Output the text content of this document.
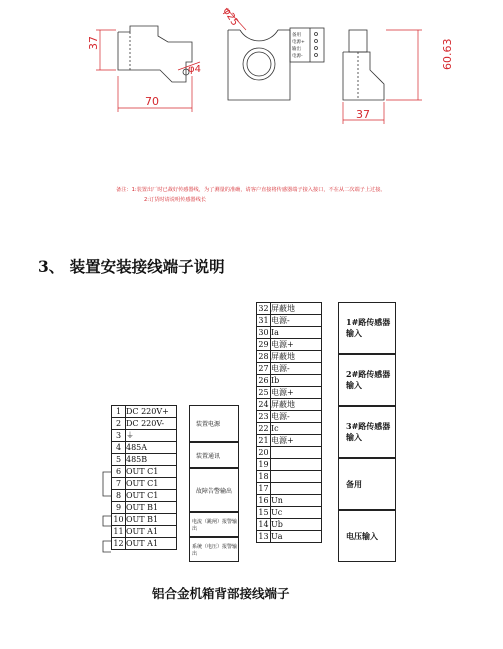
37
70
φ4
φ25
备用
电源+
输出
电源-	60.63
37
备注：1:装置出厂时已裁好传感器线，为了测量的准确，请客户直接将传感器端子接入接口，不在从二次端子上过接。
2:订货时请说明传感器线长
3、 装置安装接线端子说明
1	DC 220V+
2	DC 220V-
3	⏚
4	485A
5	485B
6	OUT C1
7	OUT C1
8	OUT C1
9	OUT B1
10	OUT B1
11	OUT A1
12	OUT A1
装置电源
装置通讯
故障告警输出
电流（跳闸）报警输出
系统（电压）报警输出
32	屏蔽地
31	电源-
30	Ia
29	电源+
28	屏蔽地
27	电源-
26	Ib
25	电源+
24	屏蔽地
23	电源-
22	Ic
21	电源+
20	
19	
18	
17	
16	Un
15	Uc
14	Ub
13	Ua
1#路传感器输入
2#路传感器输入
3#路传感器输入
备用
电压输入
铝合金机箱背部接线端子
